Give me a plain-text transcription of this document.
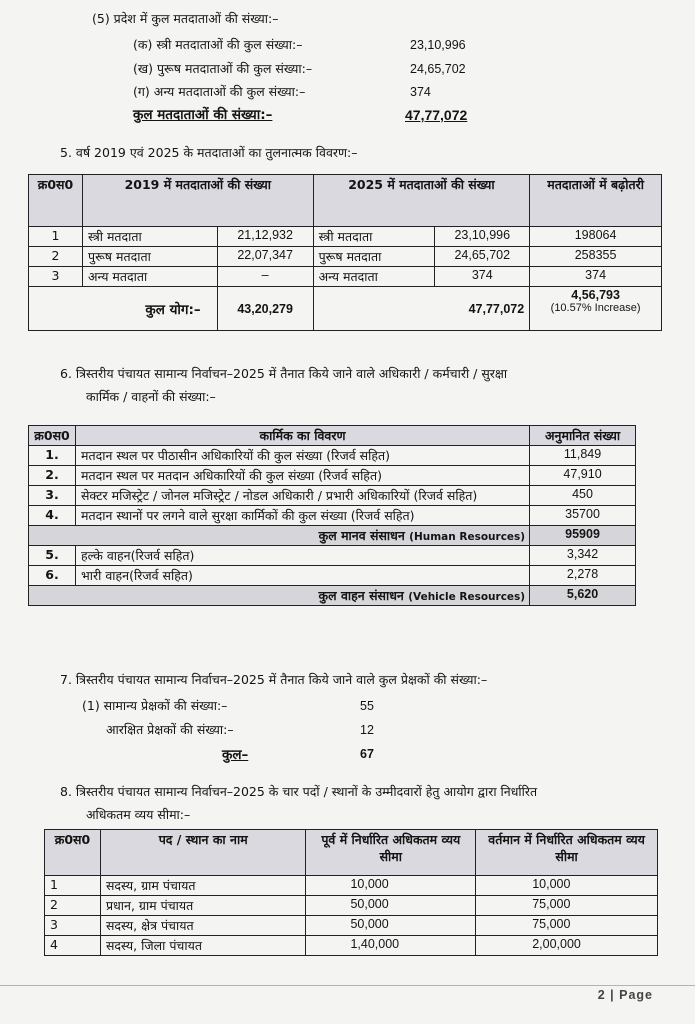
(5) प्रदेश में कुल मतदाताओं की संख्या:–
(क) स्त्री मतदाताओं की कुल संख्या:–	23,10,996
(ख) पुरूष मतदाताओं की कुल संख्या:–	24,65,702
(ग) अन्य मतदाताओं की कुल संख्या:–	374
कुल मतदाताओं की संख्या:–	47,77,072
5. वर्ष 2019 एवं 2025 के मतदाताओं का तुलनात्मक विवरण:–
क्र0स0	2019 में मतदाताओं की संख्या		2025 में मतदाताओं की संख्या		मतदाताओं में बढ़ोतरी
1	स्त्री मतदाता	21,12,932	स्त्री मतदाता	23,10,996	198064
2	पुरूष मतदाता	22,07,347	पुरूष मतदाता	24,65,702	258355
3	अन्य मतदाता	–	अन्य मतदाता	374	374
कुल योग:–		43,20,279	47,77,072		4,56,793
(10.57% Increase)
6. त्रिस्तरीय पंचायत सामान्य निर्वाचन–2025 में तैनात किये जाने वाले अधिकारी / कर्मचारी / सुरक्षा
कार्मिक / वाहनों की संख्या:–
क्र0स0	कार्मिक का विवरण	अनुमानित संख्या
1.	मतदान स्थल पर पीठासीन अधिकारियों की कुल संख्या (रिजर्व सहित)	11,849
2.	मतदान स्थल पर मतदान अधिकारियों की कुल संख्या (रिजर्व सहित)	47,910
3.	सेक्टर मजिस्ट्रेट / जोनल मजिस्ट्रेट / नोडल अधिकारी / प्रभारी अधिकारियों (रिजर्व सहित)	450
4.	मतदान स्थानों पर लगने वाले सुरक्षा कार्मिकों की कुल संख्या (रिजर्व सहित)	35700
कुल मानव संसाधन (Human Resources)		95909
5.	हल्के वाहन(रिजर्व सहित)	3,342
6.	भारी वाहन(रिजर्व सहित)	2,278
कुल वाहन संसाधन (Vehicle Resources)		5,620
7. त्रिस्तरीय पंचायत सामान्य निर्वाचन–2025 में तैनात किये जाने वाले कुल प्रेक्षकों की संख्या:–
(1) सामान्य प्रेक्षकों की संख्या:–	55
आरक्षित प्रेक्षकों की संख्या:–	12
कुल–	67
8. त्रिस्तरीय पंचायत सामान्य निर्वाचन–2025 के चार पदों / स्थानों के उम्मीदवारों हेतु आयोग द्वारा निर्धारित
अधिकतम व्यय सीमा:–
क्र0स0	पद / स्थान का नाम	पूर्व में निर्धारित अधिकतम व्यय सीमा	वर्तमान में निर्धारित अधिकतम व्यय सीमा
1	सदस्य, ग्राम पंचायत	10,000	10,000
2	प्रधान, ग्राम पंचायत	50,000	75,000
3	सदस्य, क्षेत्र पंचायत	50,000	75,000
4	सदस्य, जिला पंचायत	1,40,000	2,00,000
2 | Page
